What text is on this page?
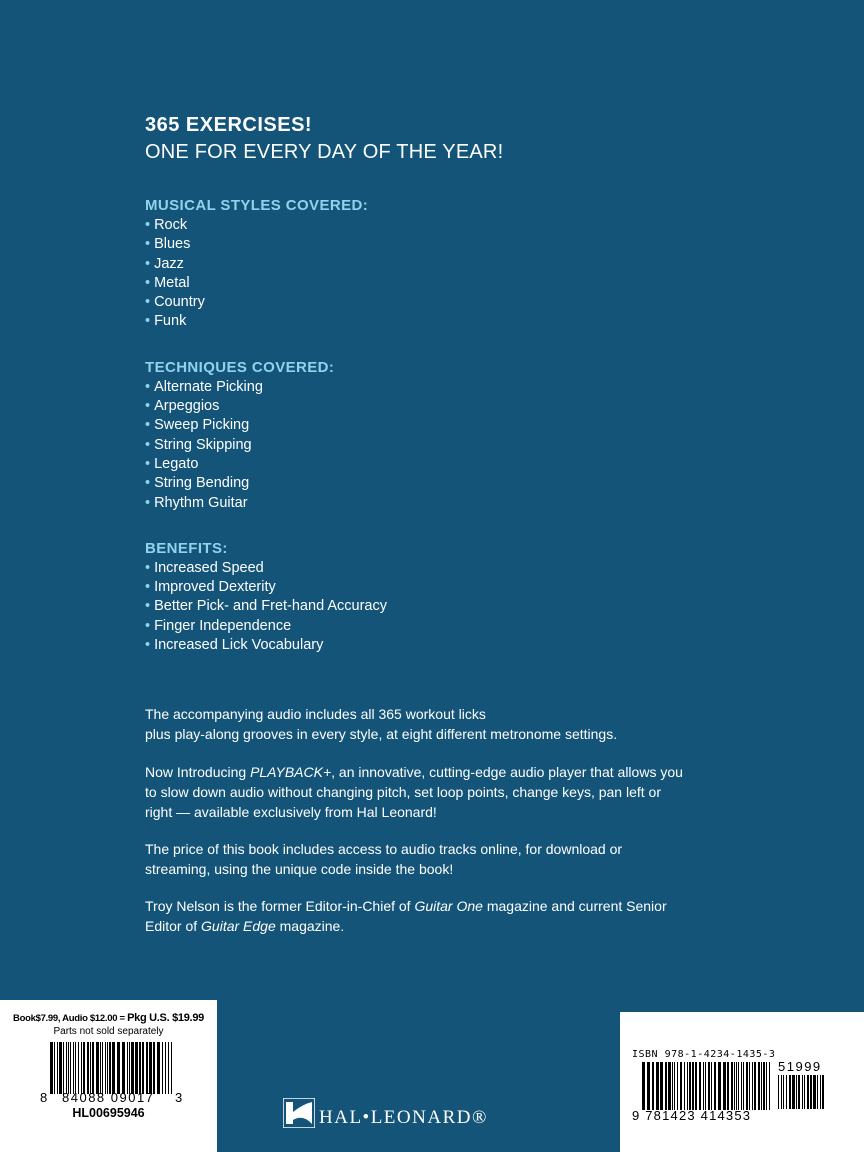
365 EXERCISES!

ONE FOR EVERY DAY OF THE YEAR!

MUSICAL STYLES COVERED:
• Rock
• Blues
• Jazz
• Metal
• Country
• Funk
TECHNIQUES COVERED:
• Alternate Picking
• Arpeggios
• Sweep Picking
• String Skipping
• Legato
• String Bending
• Rhythm Guitar
BENEFITS:
• Increased Speed
• Improved Dexterity
• Better Pick- and Fret-hand Accuracy
• Finger Independence
• Increased Lick Vocabulary

The accompanying audio includes all 365 workout licks

plus play-along grooves in every style, at eight different metronome settings.

Now Introducing PLAYBACK+, an innovative, cutting-edge audio player that allows you

to slow down audio without changing pitch, set loop points, change keys, pan left or

right — available exclusively from Hal Leonard!

The price of this book includes access to audio tracks online, for download or

streaming, using the unique code inside the book!

Troy Nelson is the former Editor-in-Chief of Guitar One magazine and current Senior

Editor of Guitar Edge magazine.

Book$7.99, Audio $12.00 = Pkg U.S. $19.99
Parts not sold separately
8 84088 09017 3
HL00695946
ISBN 978-1-4234-1435-3
51999
9 781423 414353
HAL•LEONARD®
